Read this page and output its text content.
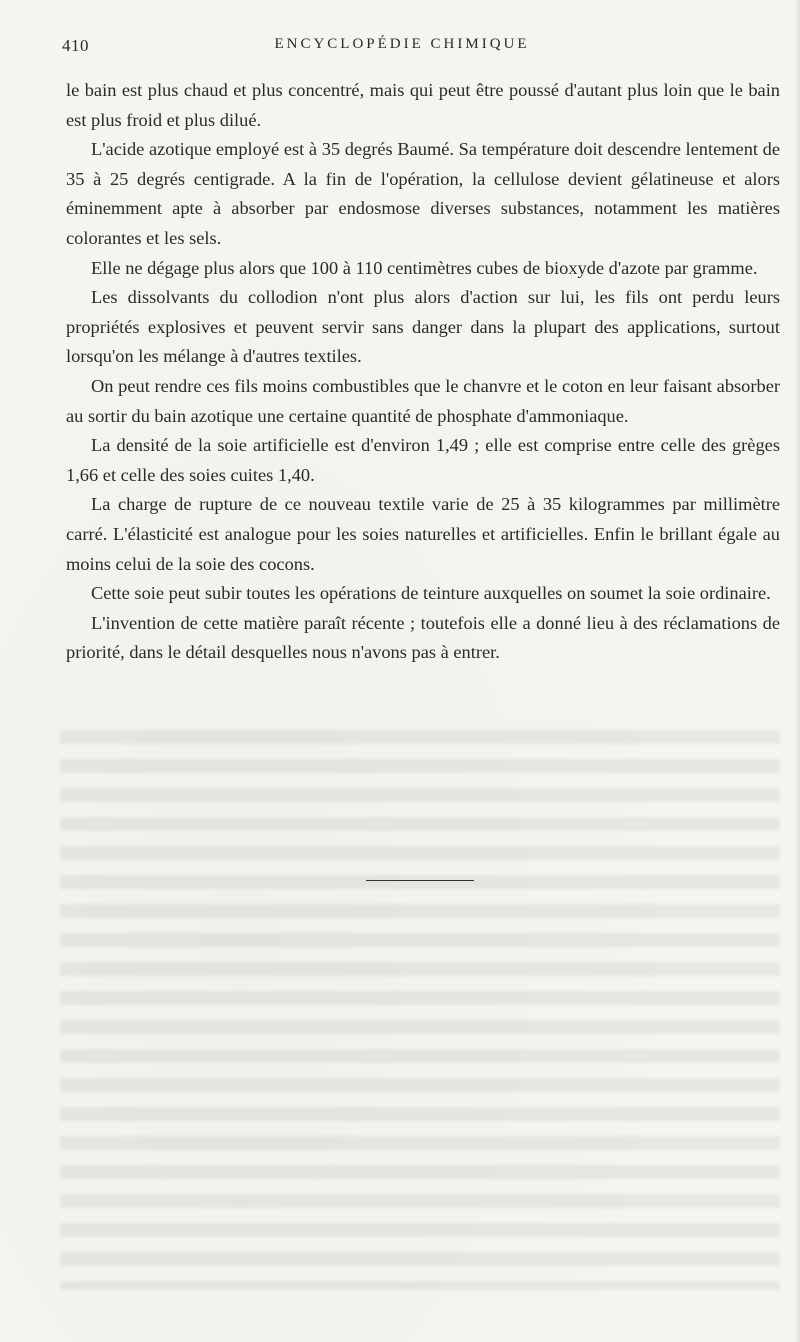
410	ENCYCLOPÉDIE CHIMIQUE

le bain est plus chaud et plus concentré, mais qui peut être poussé d'autant plus loin que le bain est plus froid et plus dilué.

L'acide azotique employé est à 35 degrés Baumé. Sa température doit descendre lentement de 35 à 25 degrés centigrade. A la fin de l'opération, la cellulose devient gélatineuse et alors éminemment apte à absorber par endosmose diverses substances, notamment les matières colorantes et les sels.

Elle ne dégage plus alors que 100 à 110 centimètres cubes de bioxyde d'azote par gramme.

Les dissolvants du collodion n'ont plus alors d'action sur lui, les fils ont perdu leurs propriétés explosives et peuvent servir sans danger dans la plupart des applications, surtout lorsqu'on les mélange à d'autres textiles.

On peut rendre ces fils moins combustibles que le chanvre et le coton en leur faisant absorber au sortir du bain azotique une certaine quantité de phosphate d'ammoniaque.

La densité de la soie artificielle est d'environ 1,49 ; elle est comprise entre celle des grèges 1,66 et celle des soies cuites 1,40.

La charge de rupture de ce nouveau textile varie de 25 à 35 kilogrammes par millimètre carré. L'élasticité est analogue pour les soies naturelles et artificielles. Enfin le brillant égale au moins celui de la soie des cocons.

Cette soie peut subir toutes les opérations de teinture auxquelles on soumet la soie ordinaire.

L'invention de cette matière paraît récente ; toutefois elle a donné lieu à des réclamations de priorité, dans le détail desquelles nous n'avons pas à entrer.
